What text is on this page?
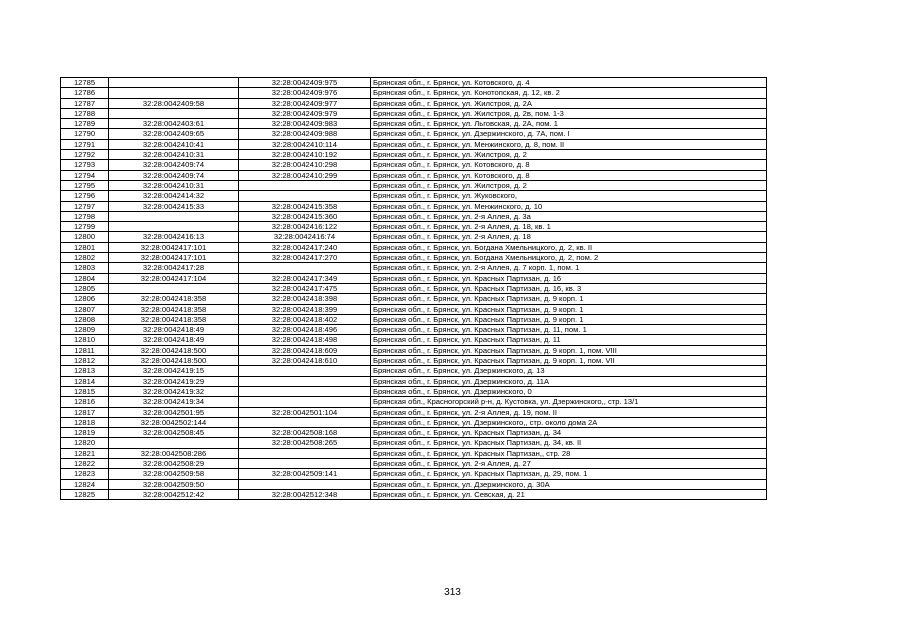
12785		32:28:0042409:975	Брянская обл., г. Брянск, ул. Котовского, д. 4
12786		32:28:0042409:976	Брянская обл., г. Брянск, ул. Конотопская, д. 12, кв. 2
12787	32:28:0042409:58	32:28:0042409:977	Брянская обл., г. Брянск, ул. Жилстроя, д. 2А
12788		32:28:0042409:979	Брянская обл., г. Брянск, ул. Жилстроя, д. 2в, пом. 1-3
12789	32:28:0042403:61	32:28:0042409:983	Брянская обл., г. Брянск, ул. Льговская, д. 2А, пом. 1
12790	32:28:0042409:65	32:28:0042409:988	Брянская обл., г. Брянск, ул. Дзержинского, д. 7А, пом. I
12791	32:28:0042410:41	32:28:0042410:114	Брянская обл., г. Брянск, ул. Менжинского, д. 8, пом. II
12792	32:28:0042410:31	32:28:0042410:192	Брянская обл., г. Брянск, ул. Жилстроя, д. 2
12793	32:28:0042409:74	32:28:0042410:298	Брянская обл., г. Брянск, ул. Котовского, д. 8
12794	32:28:0042409:74	32:28:0042410:299	Брянская обл., г. Брянск, ул. Котовского, д. 8
12795	32:28:0042410:31		Брянская обл., г. Брянск, ул. Жилстроя, д. 2
12796	32:28:0042414:32		Брянская обл., г. Брянск, ул. Жуковского,
12797	32:28:0042415:33	32:28:0042415:358	Брянская обл., г. Брянск, ул. Менжинского, д. 10
12798		32:28:0042415:360	Брянская обл., г. Брянск, ул. 2-я Аллея, д. 3а
12799		32:28:0042416:122	Брянская обл., г. Брянск, ул. 2-я Аллея, д. 18, кв. 1
12800	32:28:0042416:13	32:28:0042416:74	Брянская обл., г. Брянск, ул. 2-я Аллея, д. 18
12801	32:28:0042417:101	32:28:0042417:240	Брянская обл., г. Брянск, ул. Богдана Хмельницкого, д. 2, кв. II
12802	32:28:0042417:101	32:28:0042417:270	Брянская обл., г. Брянск, ул. Богдана Хмельницкого, д. 2, пом. 2
12803	32:28:0042417:28		Брянская обл., г. Брянск, ул. 2-я Аллея, д. 7 корп. 1, пом. 1
12804	32:28:0042417:104	32:28:0042417:349	Брянская обл., г. Брянск, ул. Красных Партизан, д. 16
12805		32:28:0042417:475	Брянская обл., г. Брянск, ул. Красных Партизан, д. 16, кв. 3
12806	32:28:0042418:358	32:28:0042418:398	Брянская обл., г. Брянск, ул. Красных Партизан, д. 9 корп. 1
12807	32:28:0042418:358	32:28:0042418:399	Брянская обл., г. Брянск, ул. Красных Партизан, д. 9 корп. 1
12808	32:28:0042418:358	32:28:0042418:402	Брянская обл., г. Брянск, ул. Красных Партизан, д. 9 корп. 1
12809	32:28:0042418:49	32:28:0042418:496	Брянская обл., г. Брянск, ул. Красных Партизан, д. 11, пом. 1
12810	32:28:0042418:49	32:28:0042418:498	Брянская обл., г. Брянск, ул. Красных Партизан, д. 11
12811	32:28:0042418:500	32:28:0042418:609	Брянская обл., г. Брянск, ул. Красных Партизан, д. 9 корп. 1, пом. VIII
12812	32:28:0042418:500	32:28:0042418:610	Брянская обл., г. Брянск, ул. Красных Партизан, д. 9 корп. 1, пом. VII
12813	32:28:0042419:15		Брянская обл., г. Брянск, ул. Дзержинского, д. 13
12814	32:28:0042419:29		Брянская обл., г. Брянск, ул. Дзержинского, д. 11А
12815	32:28:0042419:32		Брянская обл., г. Брянск, ул. Дзержинского, 0
12816	32:28:0042419:34		Брянская обл., Красногорский р-н, д. Кустовка, ул. Дзержинского,, стр. 13/1
12817	32:28:0042501:95	32:28:0042501:104	Брянская обл., г. Брянск, ул. 2-я Аллея, д. 19, пом. II
12818	32:28:0042502:144		Брянская обл., г. Брянск, ул. Дзержинского,, стр. около дома 2А
12819	32:28:0042508:45	32:28:0042508:168	Брянская обл., г. Брянск, ул. Красных Партизан, д. 34
12820		32:28:0042508:265	Брянская обл., г. Брянск, ул. Красных Партизан, д. 34, кв. II
12821	32:28:0042508:286		Брянская обл., г. Брянск, ул. Красных Партизан,, стр. 28
12822	32:28:0042508:29		Брянская обл., г. Брянск, ул. 2-я Аллея, д. 27
12823	32:28:0042509:58	32:28:0042509:141	Брянская обл., г. Брянск, ул. Красных Партизан, д. 29, пом. 1
12824	32:28:0042509:50		Брянская обл., г. Брянск, ул. Дзержинского, д. 30А
12825	32:28:0042512:42	32:28:0042512:348	Брянская обл., г. Брянск, ул. Севская, д. 21
313
